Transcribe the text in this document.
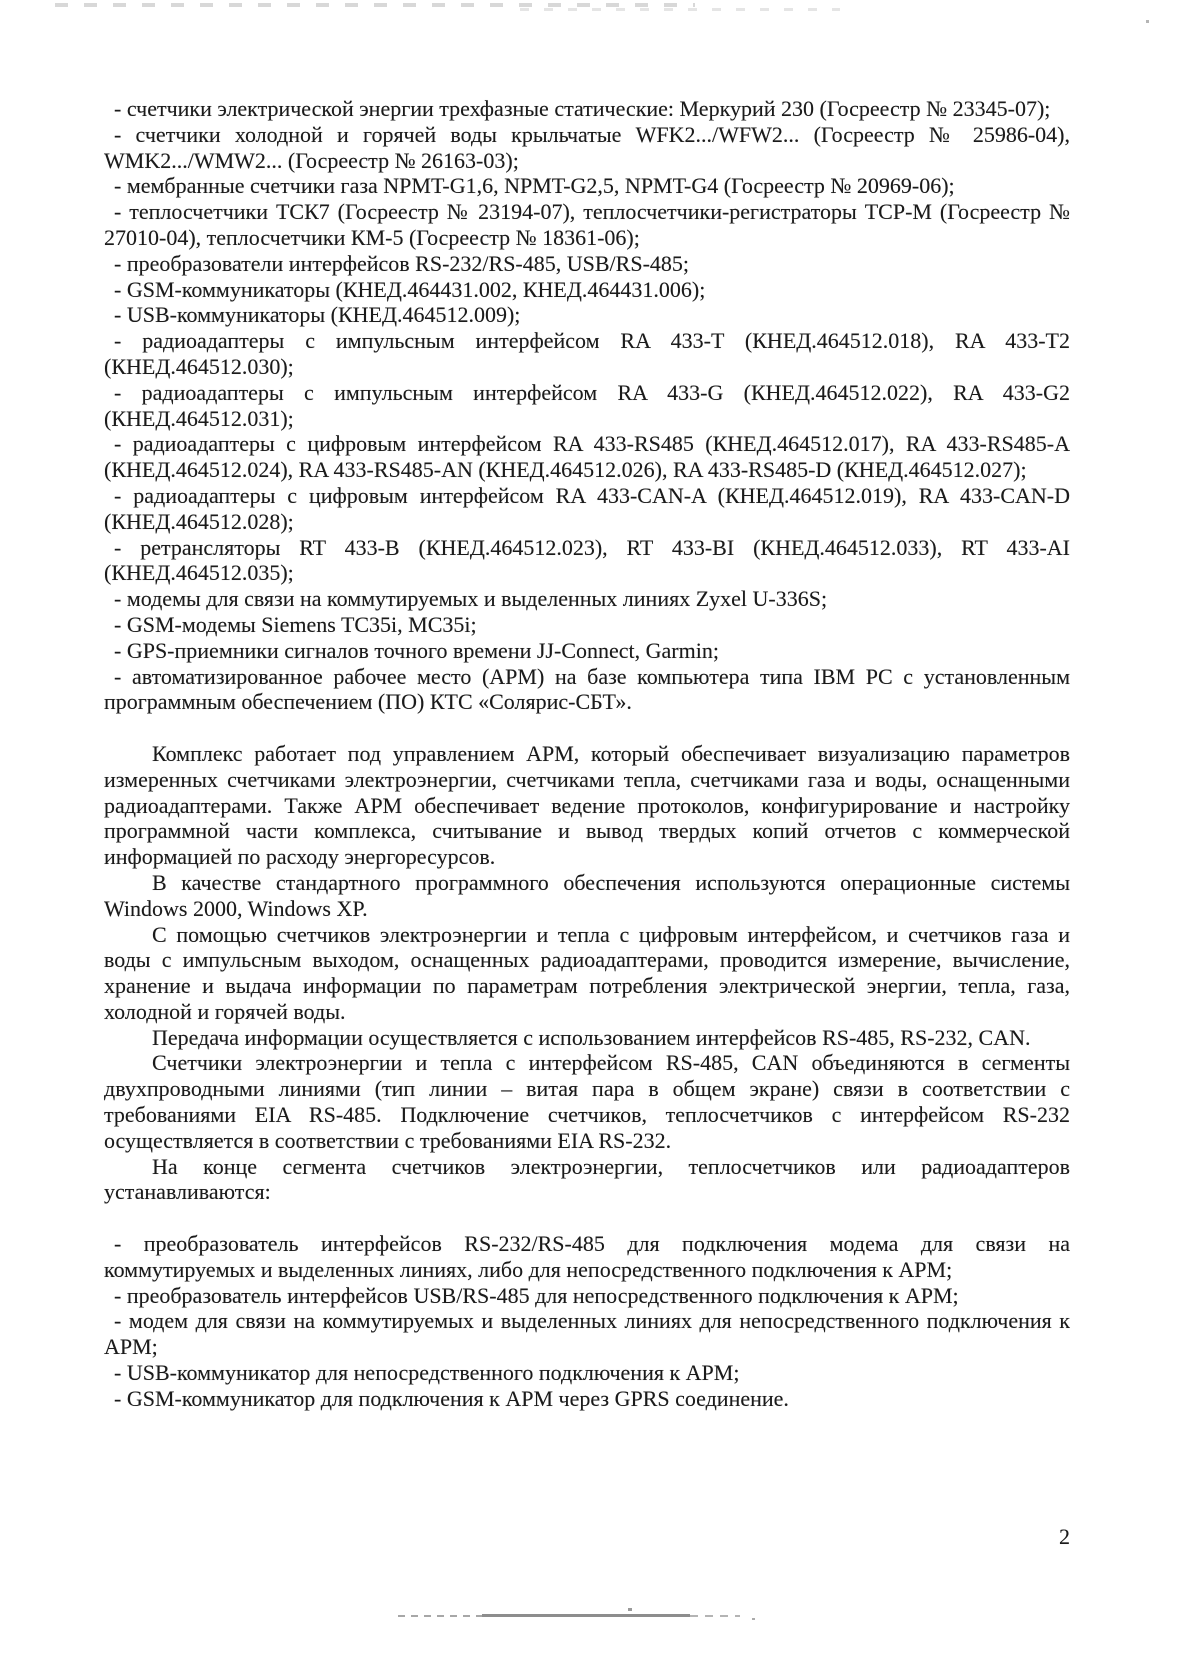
- счетчики электрической энергии трехфазные статические: Меркурий 230 (Госреестр № 23345-07);
- счетчики холодной и горячей воды крыльчатые WFK2.../WFW2... (Госреестр № 25986-04), WMK2.../WMW2... (Госреестр № 26163-03);
- мембранные счетчики газа NPMT-G1,6, NPMT-G2,5, NPMT-G4 (Госреестр № 20969-06);
- теплосчетчики ТСК7 (Госреестр № 23194-07), теплосчетчики-регистраторы ТСР-М (Госреестр № 27010-04), теплосчетчики КМ-5 (Госреестр № 18361-06);
- преобразователи интерфейсов RS-232/RS-485, USB/RS-485;
- GSM-коммуникаторы (КНЕД.464431.002, КНЕД.464431.006);
- USB-коммуникаторы (КНЕД.464512.009);
- радиоадаптеры с импульсным интерфейсом RA 433-T (КНЕД.464512.018), RA 433-T2 (КНЕД.464512.030);
- радиоадаптеры с импульсным интерфейсом RA 433-G (КНЕД.464512.022), RA 433-G2 (КНЕД.464512.031);
- радиоадаптеры с цифровым интерфейсом RA 433-RS485 (КНЕД.464512.017), RA 433-RS485-A (КНЕД.464512.024), RA 433-RS485-AN (КНЕД.464512.026), RA 433-RS485-D (КНЕД.464512.027);
- радиоадаптеры с цифровым интерфейсом RA 433-CAN-A (КНЕД.464512.019), RA 433-CAN-D (КНЕД.464512.028);
- ретрансляторы RT 433-B (КНЕД.464512.023), RT 433-BI (КНЕД.464512.033), RT 433-AI (КНЕД.464512.035);
- модемы для связи на коммутируемых и выделенных линиях Zyxel U-336S;
- GSM-модемы Siemens TC35i, MC35i;
- GPS-приемники сигналов точного времени JJ-Connect, Garmin;
- автоматизированное рабочее место (АРМ) на базе компьютера типа IBM PC с установленным программным обеспечением (ПО) КТС «Солярис-СБТ».

Комплекс работает под управлением АРМ, который обеспечивает визуализацию параметров измеренных счетчиками электроэнергии, счетчиками тепла, счетчиками газа и воды, оснащенными радиоадаптерами. Также АРМ обеспечивает ведение протоколов, конфигурирование и настройку программной части комплекса, считывание и вывод твердых копий отчетов с коммерческой информацией по расходу энергоресурсов.

В качестве стандартного программного обеспечения используются операционные системы Windows 2000, Windows XP.

С помощью счетчиков электроэнергии и тепла с цифровым интерфейсом, и счетчиков газа и воды с импульсным выходом, оснащенных радиоадаптерами, проводится измерение, вычисление, хранение и выдача информации по параметрам потребления электрической энергии, тепла, газа, холодной и горячей воды.

Передача информации осуществляется с использованием интерфейсов RS-485, RS-232, CAN.

Счетчики электроэнергии и тепла с интерфейсом RS-485, CAN объединяются в сегменты двухпроводными линиями (тип линии – витая пара в общем экране) связи в соответствии с требованиями EIA RS-485. Подключение счетчиков, теплосчетчиков с интерфейсом RS-232 осуществляется в соответствии с требованиями EIA RS-232.

На конце сегмента счетчиков электроэнергии, теплосчетчиков или радиоадаптеров устанавливаются:

- преобразователь интерфейсов RS-232/RS-485 для подключения модема для связи на коммутируемых и выделенных линиях, либо для непосредственного подключения к АРМ;
- преобразователь интерфейсов USB/RS-485 для непосредственного подключения к АРМ;
- модем для связи на коммутируемых и выделенных линиях для непосредственного подключения к АРМ;
- USB-коммуникатор для непосредственного подключения к АРМ;
- GSM-коммуникатор для подключения к АРМ через GPRS соединение.
2
